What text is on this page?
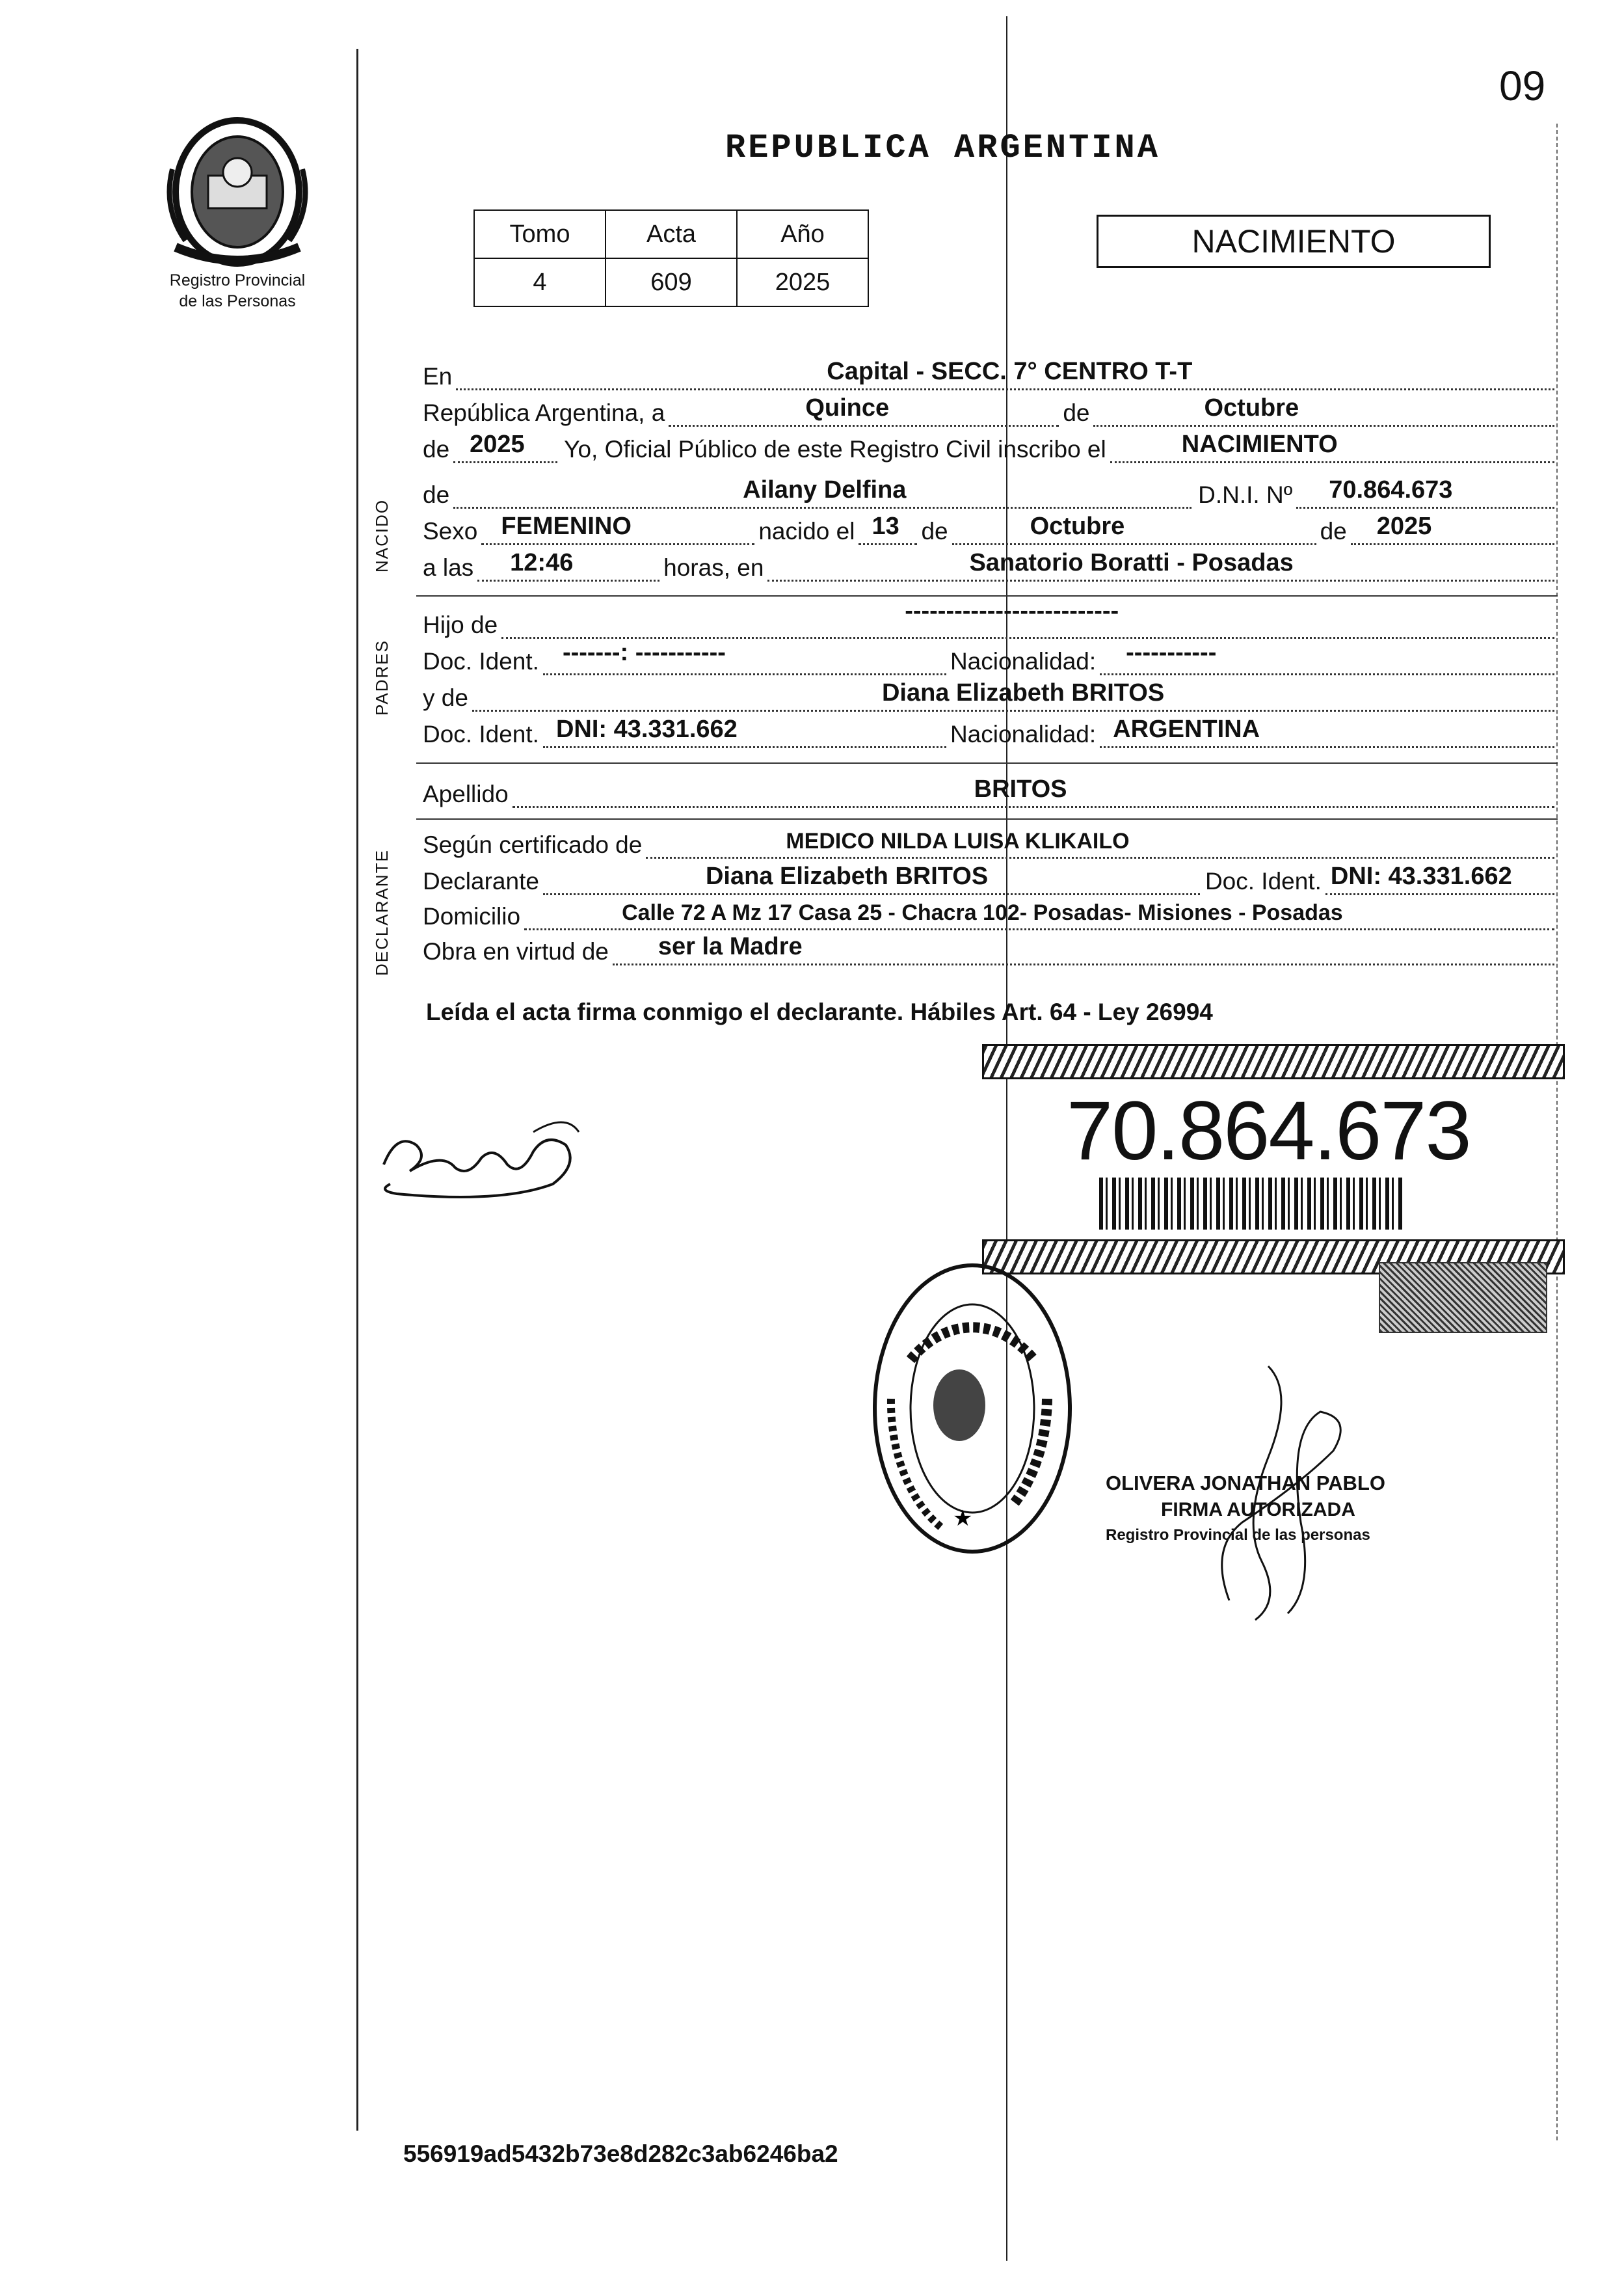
09
Registro Provincial
de las Personas
REPUBLICA ARGENTINA
Tomo	Acta	Año
4	609	2025
NACIMIENTO
En	Capital - SECC. 7° CENTRO T-T
República Argentina, a	Quince	de	Octubre
de 2025 Yo, Oficial Público de este Registro Civil inscribo el	NACIMIENTO
NACIDO
de	Ailany Delfina	D.N.I. Nº 70.864.673
Sexo FEMENINO	nacido el 13 de	Octubre	de 2025
a las 12:46	horas, en	Sanatorio Boratti - Posadas
PADRES
Hijo de
--------------------------
Doc. Ident. -------: -----------	Nacionalidad: -----------
y de	Diana Elizabeth BRITOS
Doc. Ident. DNI: 43.331.662	Nacionalidad: ARGENTINA
Apellido	BRITOS
DECLARANTE
Según certificado de	MEDICO NILDA LUISA KLIKAILO
Declarante	Diana Elizabeth BRITOS	Doc. Ident. DNI: 43.331.662
Domicilio	Calle 72 A Mz 17 Casa 25 - Chacra 102- Posadas- Misiones - Posadas
Obra en virtud de ser la Madre
Leída el acta firma conmigo el declarante. Hábiles Art. 64 - Ley 26994
70.864.673
★
OLIVERA JONATHAN PABLO
FIRMA AUTORIZADA
Registro Provincial de las personas
556919ad5432b73e8d282c3ab6246ba2
